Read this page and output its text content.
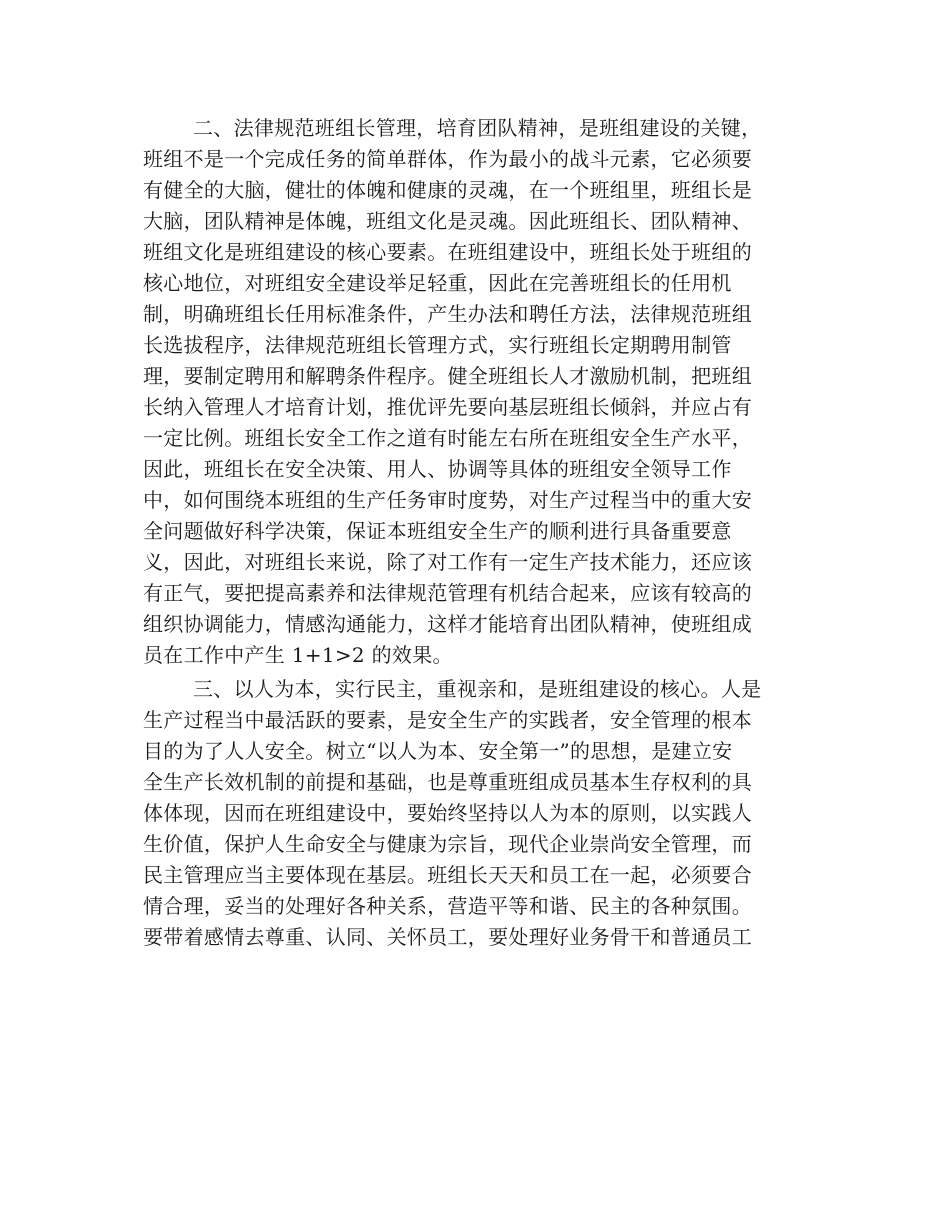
二、法律规范班组长管理，培育团队精神，是班组建设的关键，
班组不是一个完成任务的简单群体，作为最小的战斗元素，它必须要
有健全的大脑，健壮的体魄和健康的灵魂，在一个班组里，班组长是
大脑，团队精神是体魄，班组文化是灵魂。因此班组长、团队精神、
班组文化是班组建设的核心要素。在班组建设中，班组长处于班组的
核心地位，对班组安全建设举足轻重，因此在完善班组长的任用机
制，明确班组长任用标准条件，产生办法和聘任方法，法律规范班组
长选拔程序，法律规范班组长管理方式，实行班组长定期聘用制管
理，要制定聘用和解聘条件程序。健全班组长人才激励机制，把班组
长纳入管理人才培育计划，推优评先要向基层班组长倾斜，并应占有
一定比例。班组长安全工作之道有时能左右所在班组安全生产水平，
因此，班组长在安全决策、用人、协调等具体的班组安全领导工作
中，如何围绕本班组的生产任务审时度势，对生产过程当中的重大安
全问题做好科学决策，保证本班组安全生产的顺利进行具备重要意
义，因此，对班组长来说，除了对工作有一定生产技术能力，还应该
有正气，要把提高素养和法律规范管理有机结合起来，应该有较高的
组织协调能力，情感沟通能力，这样才能培育出团队精神，使班组成
员在工作中产生 1+1>2 的效果。

三、以人为本，实行民主，重视亲和，是班组建设的核心。人是
生产过程当中最活跃的要素，是安全生产的实践者，安全管理的根本
目的为了人人安全。树立“以人为本、安全第一”的思想，是建立安
全生产长效机制的前提和基础，也是尊重班组成员基本生存权利的具
体体现，因而在班组建设中，要始终坚持以人为本的原则，以实践人
生价值，保护人生命安全与健康为宗旨，现代企业崇尚安全管理，而
民主管理应当主要体现在基层。班组长天天和员工在一起，必须要合
情合理，妥当的处理好各种关系，营造平等和谐、民主的各种氛围。
要带着感情去尊重、认同、关怀员工，要处理好业务骨干和普通员工
